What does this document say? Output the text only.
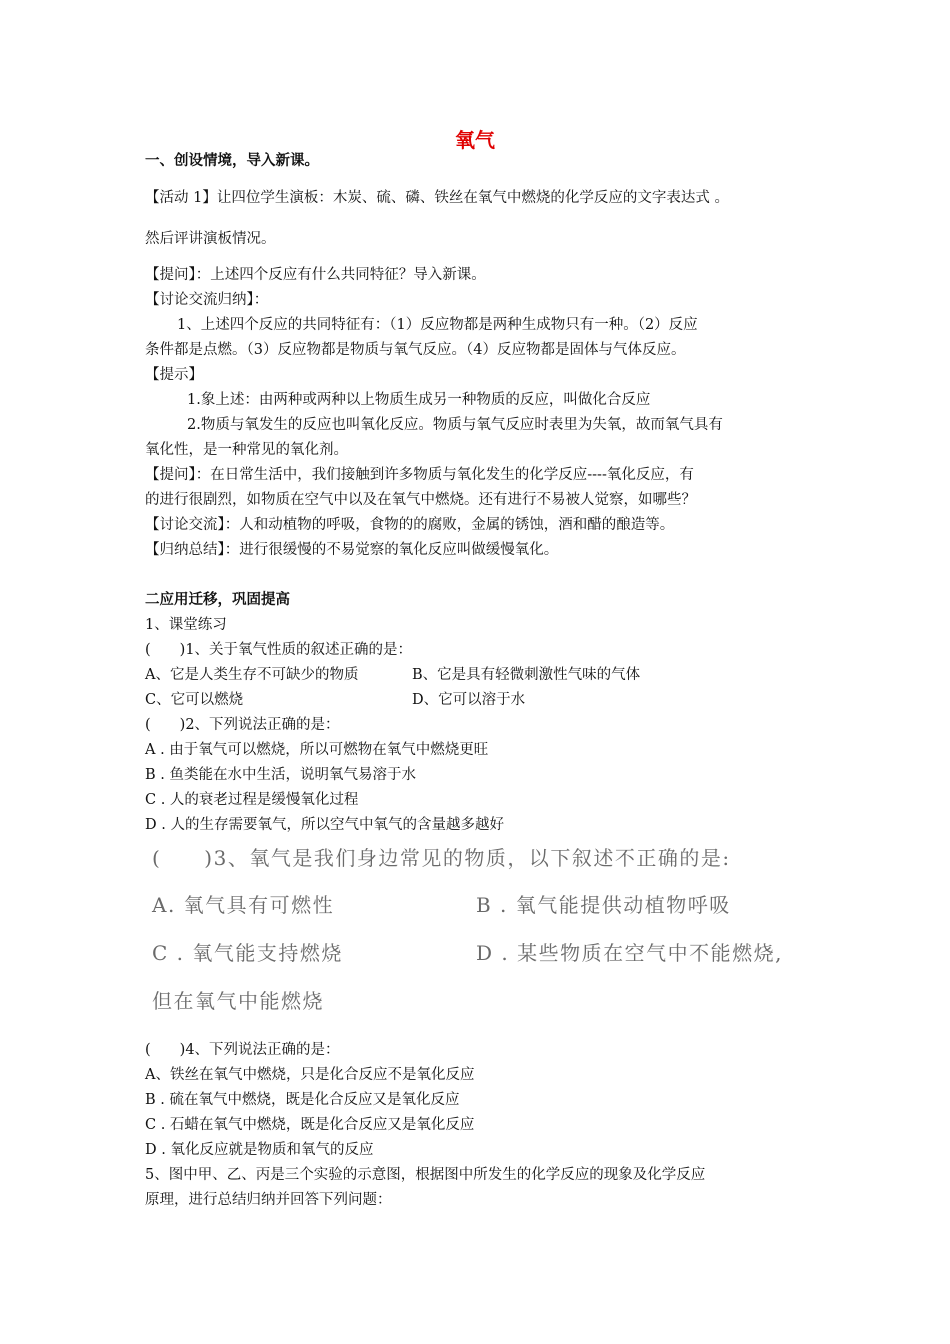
氧气
一、创设情境，导入新课。
【活动 1】让四位学生演板：木炭、硫、磷、铁丝在氧气中燃烧的化学反应的文字表达式 。
然后评讲演板情况。
【提问】：上述四个反应有什么共同特征？导入新课。
【讨论交流归纳】：
1、上述四个反应的共同特征有：（1）反应物都是两种生成物只有一种。（2）反应
条件都是点燃。（3）反应物都是物质与氧气反应。（4）反应物都是固体与气体反应。
【提示】
1.象上述：由两种或两种以上物质生成另一种物质的反应，叫做化合反应
2.物质与氧发生的反应也叫氧化反应。物质与氧气反应时表里为失氧，故而氧气具有
氧化性，是一种常见的氧化剂。
【提问】：在日常生活中，我们接触到许多物质与氧化发生的化学反应----氧化反应，有
的进行很剧烈，如物质在空气中以及在氧气中燃烧。还有进行不易被人觉察，如哪些？
【讨论交流】：人和动植物的呼吸，食物的的腐败，金属的锈蚀，酒和醋的酿造等。
【归纳总结】：进行很缓慢的不易觉察的氧化反应叫做缓慢氧化。
二应用迁移，巩固提高
1、课堂练习
(　　)1、关于氧气性质的叙述正确的是：
A、它是人类生存不可缺少的物质	B、它是具有轻微刺激性气味的气体
C、它可以燃烧	D、它可以溶于水
(　　)2、下列说法正确的是：
A . 由于氧气可以燃烧，所以可燃物在氧气中燃烧更旺
B . 鱼类能在水中生活，说明氧气易溶于水
C . 人的衰老过程是缓慢氧化过程
D . 人的生存需要氧气，所以空气中氧气的含量越多越好
(　　)3、氧气是我们身边常见的物质，以下叙述不正确的是:
A. 氧气具有可燃性	B . 氧气能提供动植物呼吸
C . 氧气能支持燃烧	D . 某些物质在空气中不能燃烧,
但在氧气中能燃烧
(　　)4、下列说法正确的是：
A、铁丝在氧气中燃烧，只是化合反应不是氧化反应
B . 硫在氧气中燃烧，既是化合反应又是氧化反应
C . 石蜡在氧气中燃烧，既是化合反应又是氧化反应
D . 氧化反应就是物质和氧气的反应
5、图中甲、乙、丙是三个实验的示意图，根据图中所发生的化学反应的现象及化学反应
原理，进行总结归纳并回答下列问题：
